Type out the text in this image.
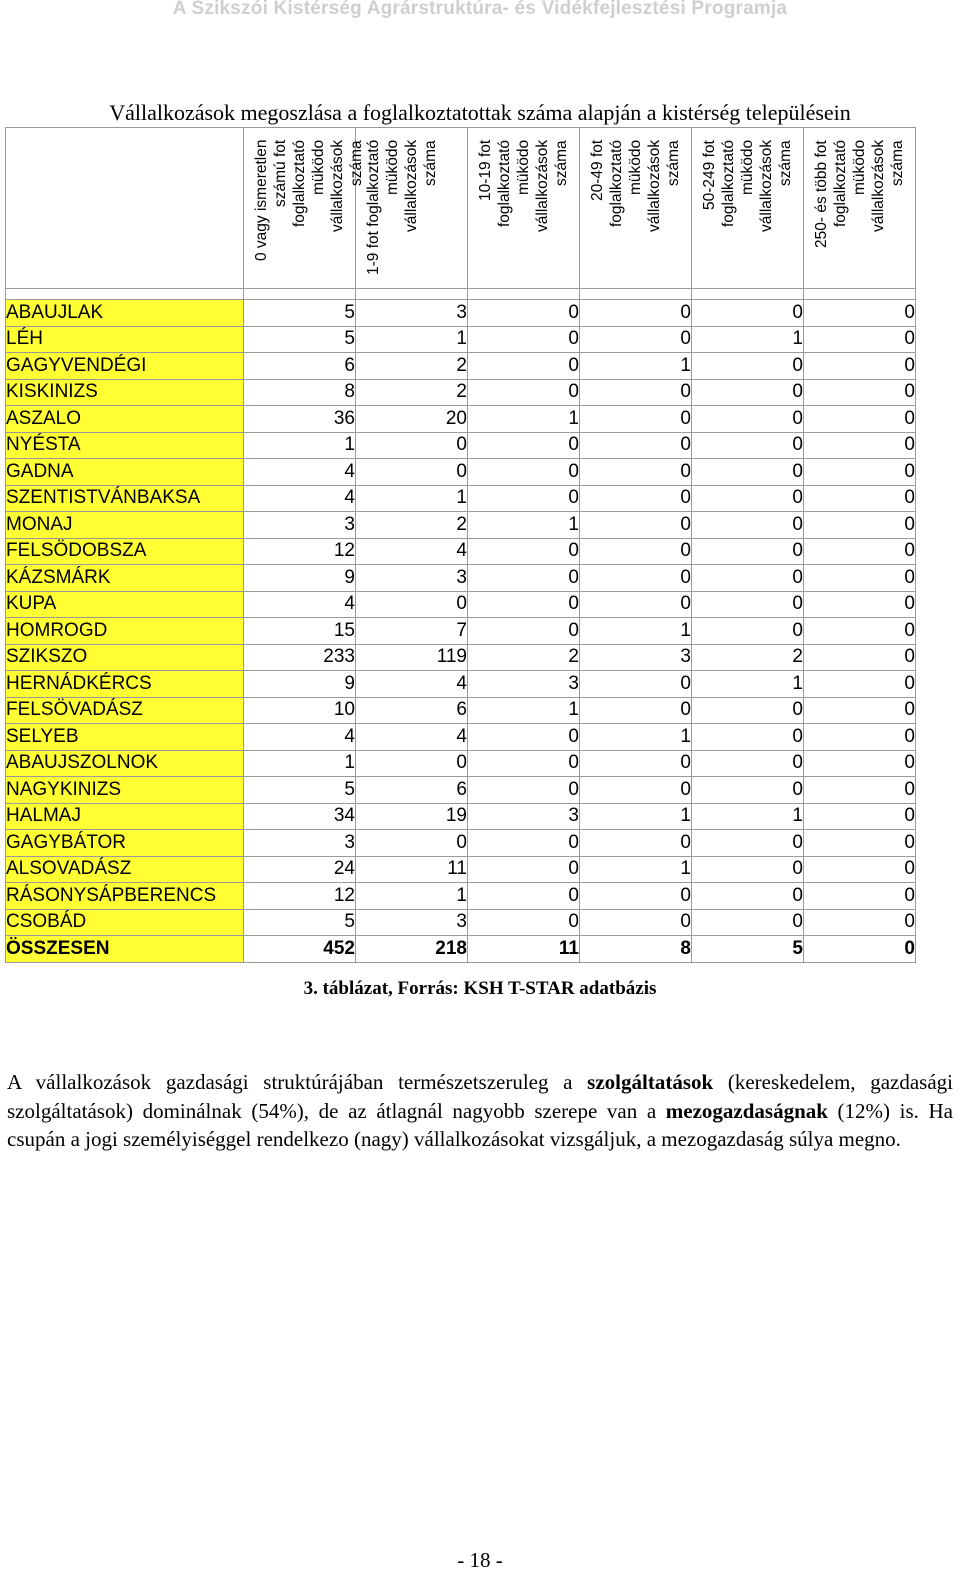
A Szikszói Kistérség Agrárstruktúra- és Vidékfejlesztési Programja
Vállalkozások megoszlása a foglalkoztatottak száma alapján a kistérség településein

	0 vagy ismeretlen számú fot foglalkoztató müködo vállalkozások száma	1-9 fot foglalkoztató müködo vállalkozások száma	10-19 fot foglalkoztató müködo vállalkozások száma	20-49 fot foglalkoztató müködo vállalkozások száma	50-249 fot foglalkoztató müködo vállalkozások száma	250- és több fot foglalkoztató müködo vállalkozások száma

ABAUJLAK	5	3	0	0	0	0
LÉH	5	1	0	0	1	0
GAGYVENDÉGI	6	2	0	1	0	0
KISKINIZS	8	2	0	0	0	0
ASZALO	36	20	1	0	0	0
NYÉSTA	1	0	0	0	0	0
GADNA	4	0	0	0	0	0
SZENTISTVÁNBAKSA	4	1	0	0	0	0
MONAJ	3	2	1	0	0	0
FELSÖDOBSZA	12	4	0	0	0	0
KÁZSMÁRK	9	3	0	0	0	0
KUPA	4	0	0	0	0	0
HOMROGD	15	7	0	1	0	0
SZIKSZO	233	119	2	3	2	0
HERNÁDKÉRCS	9	4	3	0	1	0
FELSÖVADÁSZ	10	6	1	0	0	0
SELYEB	4	4	0	1	0	0
ABAUJSZOLNOK	1	0	0	0	0	0
NAGYKINIZS	5	6	0	0	0	0
HALMAJ	34	19	3	1	1	0
GAGYBÁTOR	3	0	0	0	0	0
ALSOVADÁSZ	24	11	0	1	0	0
RÁSONYSÁPBERENCS	12	1	0	0	0	0
CSOBÁD	5	3	0	0	0	0
ÖSSZESEN	452	218	11	8	5	0
3. táblázat, Forrás: KSH T-STAR adatbázis
A vállalkozások gazdasági struktúrájában természetszeruleg a szolgáltatások (kereskedelem, gazdasági szolgáltatások) dominálnak (54%), de az átlagnál nagyobb szerepe van a mezogazdaságnak (12%) is. Ha csupán a jogi személyiséggel rendelkezo (nagy) vállalkozásokat vizsgáljuk, a mezogazdaság súlya megno.
- 18 -
